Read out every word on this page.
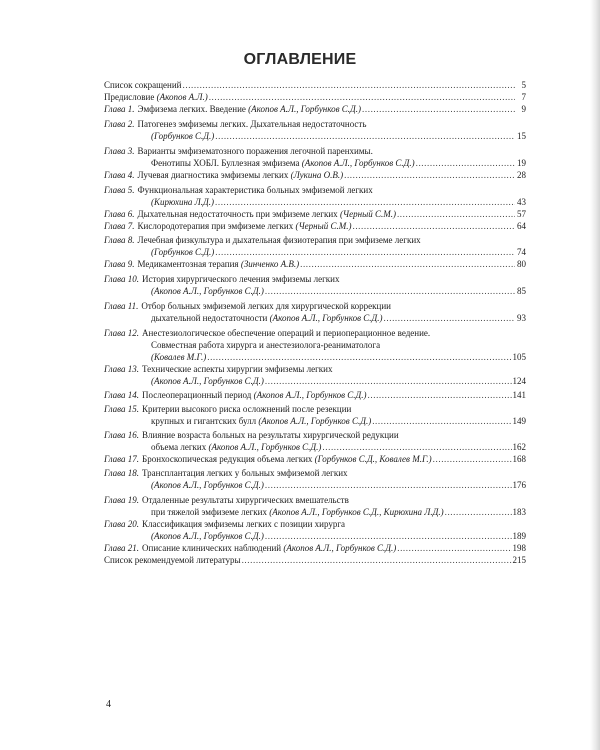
ОГЛАВЛЕНИЕ
Список сокращений .....	5
Предисловие
(Акопов А.Л.) .....	7
Глава 1. Эмфизема легких. Введение
(Акопов А.Л., Горбунков С.Д.) .....	9
Глава 2. Патогенез эмфиземы легких. Дыхательная недостаточность
(Горбунков С.Д.) .....	15
Глава 3. Варианты эмфизематозного поражения легочной паренхимы.
Фенотипы ХОБЛ. Буллезная эмфизема
(Акопов А.Л., Горбунков С.Д.) .....	19
Глава 4. Лучевая диагностика эмфиземы легких
(Лукина О.В.) .....	28
Глава 5. Функциональная характеристика больных эмфиземой легких
(Кирюхина Л.Д.) .....	43
Глава 6. Дыхательная недостаточность при эмфиземе легких
(Черный С.М.) .....	57
Глава 7. Кислородотерапия при эмфиземе легких
(Черный С.М.) .....	64
Глава 8. Лечебная физкультура и дыхательная физиотерапия при эмфиземе легких
(Горбунков С.Д.) .....	74
Глава 9. Медикаментозная терапия
(Зинченко А.В.) .....	80
Глава 10. История хирургического лечения эмфиземы легких
(Акопов А.Л., Горбунков С.Д.) .....	85
Глава 11. Отбор больных эмфиземой легких для хирургической коррекции
дыхательной недостаточности
(Акопов А.Л., Горбунков С.Д.) .....	93
Глава 12. Анестезиологическое обеспечение операций и периоперационное ведение.
Совместная работа хирурга и анестезиолога-реаниматолога
(Ковалев М.Г.) .....	105
Глава 13. Технические аспекты хирургии эмфиземы легких
(Акопов А.Л., Горбунков С.Д.) .....	124
Глава 14. Послеоперационный период
(Акопов А.Л., Горбунков С.Д.) .....	141
Глава 15. Критерии высокого риска осложнений после резекции
крупных и гигантских булл
(Акопов А.Л., Горбунков С.Д.) .....	149
Глава 16. Влияние возраста больных на результаты хирургической редукции
объема легких
(Акопов А.Л., Горбунков С.Д.) .....	162
Глава 17. Бронхоскопическая редукция объема легких
(Горбунков С.Д., Ковалев М.Г.) .....	168
Глава 18. Трансплантация легких у больных эмфиземой легких
(Акопов А.Л., Горбунков С.Д.) .....	176
Глава 19. Отдаленные результаты хирургических вмешательств
при тяжелой эмфиземе легких
(Акопов А.Л., Горбунков С.Д., Кирюхина Л.Д.) .....	183
Глава 20. Классификация эмфиземы легких с позиции хирурга
(Акопов А.Л., Горбунков С.Д.) .....	189
Глава 21. Описание клинических наблюдений
(Акопов А.Л., Горбунков С.Д.) .....	198
Список рекомендуемой литературы .....	215
4
